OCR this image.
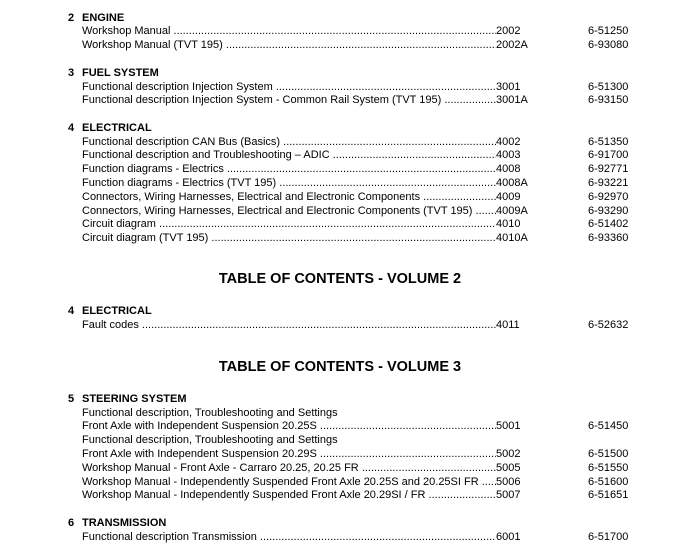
2 ENGINE
Workshop Manual .....	2002	6-51250
Workshop Manual (TVT 195) .....	2002A	6-93080
3 FUEL SYSTEM
Functional description Injection System .....	3001	6-51300
Functional description Injection System - Common Rail System (TVT 195) .....	3001A	6-93150
4 ELECTRICAL
Functional description CAN Bus (Basics) .....	4002	6-51350
Functional description and Troubleshooting – ADIC .....	4003	6-91700
Function diagrams - Electrics .....	4008	6-92771
Function diagrams - Electrics (TVT 195) .....	4008A	6-93221
Connectors, Wiring Harnesses, Electrical and Electronic Components .....	4009	6-92970
Connectors, Wiring Harnesses, Electrical and Electronic Components (TVT 195) .....	4009A	6-93290
Circuit diagram .....	4010	6-51402
Circuit diagram (TVT 195) .....	4010A	6-93360
TABLE OF CONTENTS - VOLUME 2
4 ELECTRICAL
Fault codes .....	4011	6-52632
TABLE OF CONTENTS - VOLUME 3
5 STEERING SYSTEM
Functional description, Troubleshooting and Settings
Front Axle with Independent Suspension 20.25S .....	5001	6-51450
Functional description, Troubleshooting and Settings
Front Axle with Independent Suspension 20.29S .....	5002	6-51500
Workshop Manual - Front Axle - Carraro 20.25, 20.25 FR .....	5005	6-51550
Workshop Manual - Independently Suspended Front Axle 20.25S and 20.25SI FR .....	5006	6-51600
Workshop Manual - Independently Suspended Front Axle 20.29SI / FR .....	5007	6-51651
6 TRANSMISSION
Functional description Transmission .....	6001	6-51700
